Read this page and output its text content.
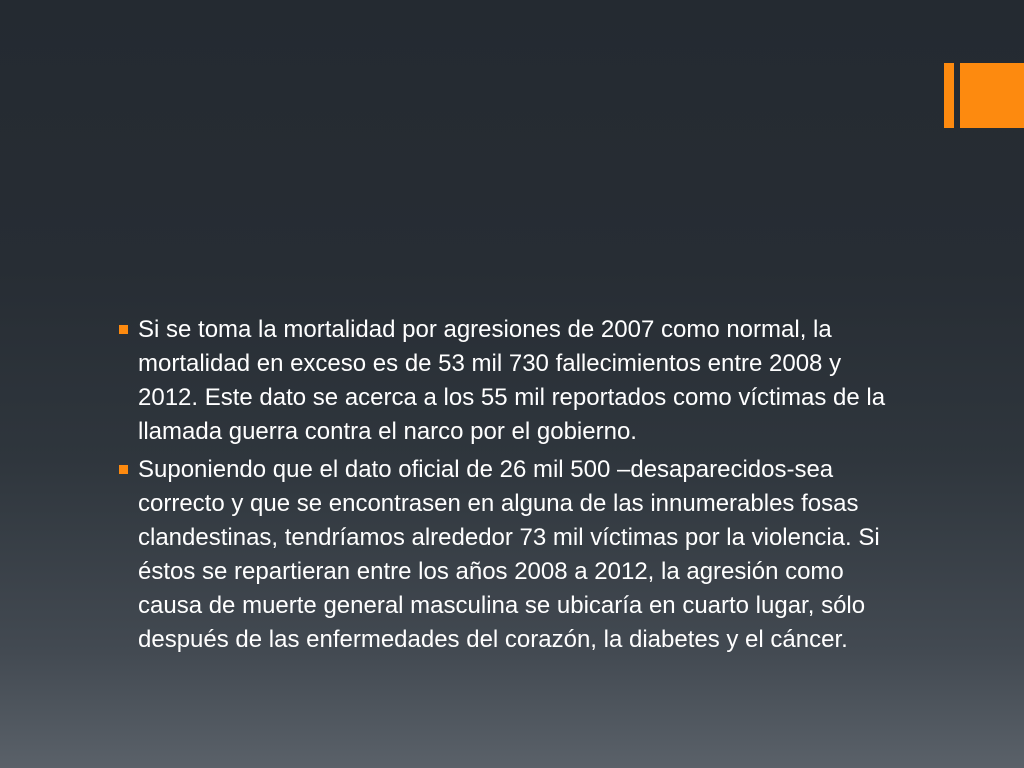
Si se toma la mortalidad por agresiones de 2007 como normal, la mortalidad en exceso es de 53 mil 730 fallecimientos entre 2008 y 2012. Este dato se acerca a los 55 mil reportados como víctimas de la llamada guerra contra el narco por el gobierno.
Suponiendo que el dato oficial de 26 mil 500 –desaparecidos-sea correcto y que se encontrasen en alguna de las innumerables fosas clandestinas, tendríamos alrededor 73 mil víctimas por la violencia. Si éstos se repartieran entre los años 2008 a 2012, la agresión como causa de muerte general masculina se ubicaría en cuarto lugar, sólo después de las enfermedades del corazón, la diabetes y el cáncer.
